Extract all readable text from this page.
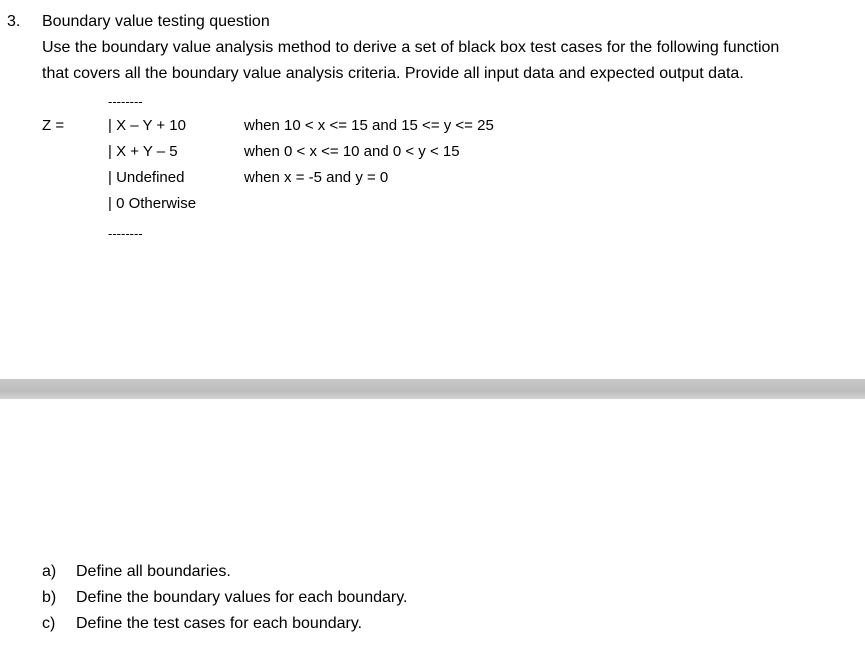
3. Boundary value testing question
Use the boundary value analysis method to derive a set of black box test cases for the following function
that covers all the boundary value analysis criteria. Provide all input data and expected output data.
--------
Z =	| X – Y + 10	when 10 < x <= 15 and 15 <= y <= 25
| X + Y – 5	when 0 < x <= 10 and 0 < y < 15
| Undefined	when x = -5 and y = 0
| 0 Otherwise
--------
a) Define all boundaries.
b) Define the boundary values for each boundary.
c) Define the test cases for each boundary.
